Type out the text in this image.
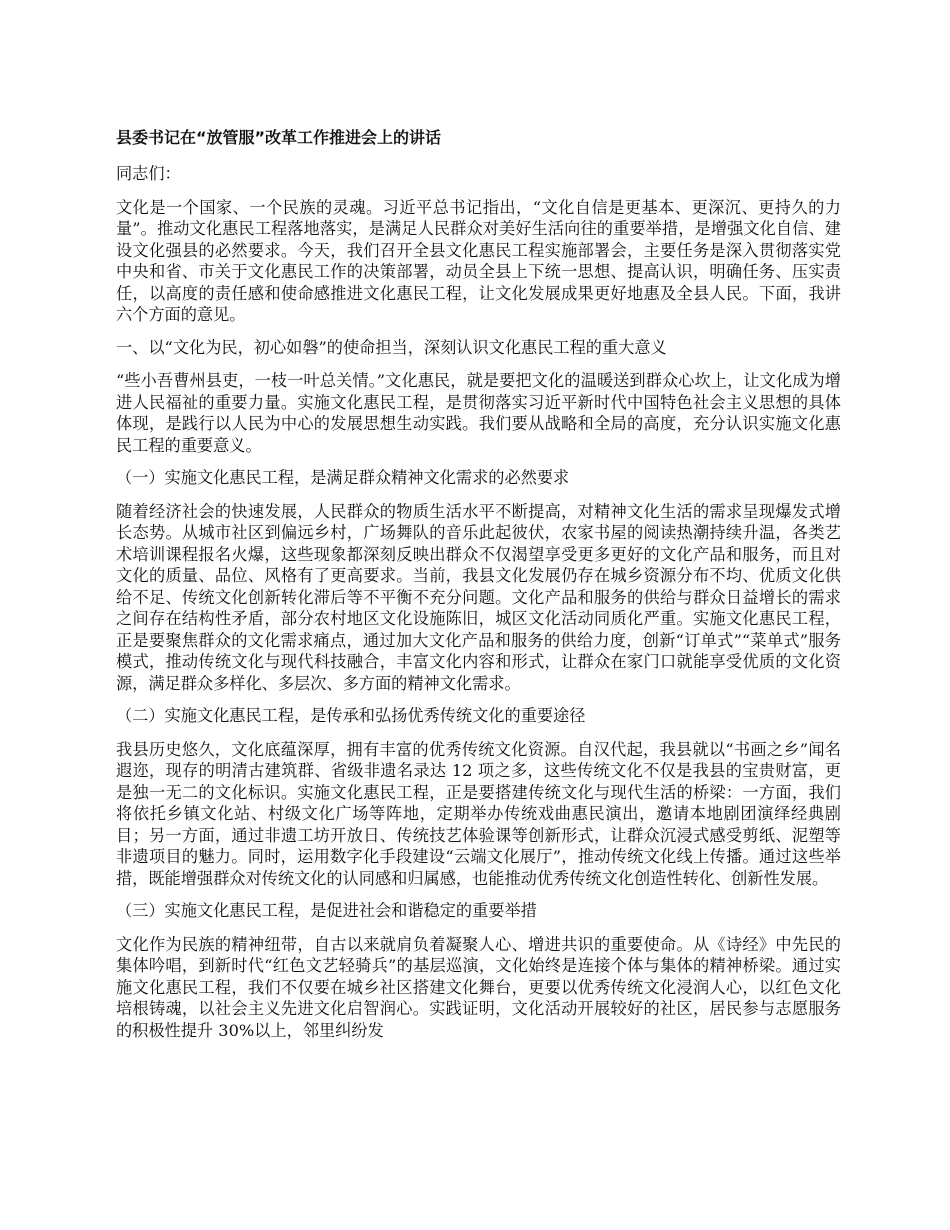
县委书记在“放管服”改革工作推进会上的讲话
同志们：
文化是一个国家、一个民族的灵魂。习近平总书记指出，“文化自信是更基本、更深沉、更持久的力量”。推动文化惠民工程落地落实，是满足人民群众对美好生活向往的重要举措，是增强文化自信、建设文化强县的必然要求。今天，我们召开全县文化惠民工程实施部署会，主要任务是深入贯彻落实党中央和省、市关于文化惠民工作的决策部署，动员全县上下统一思想、提高认识，明确任务、压实责任，以高度的责任感和使命感推进文化惠民工程，让文化发展成果更好地惠及全县人民。下面，我讲六个方面的意见。
一、以“文化为民，初心如磐”的使命担当，深刻认识文化惠民工程的重大意义
“些小吾曹州县吏，一枝一叶总关情。”文化惠民，就是要把文化的温暖送到群众心坎上，让文化成为增进人民福祉的重要力量。实施文化惠民工程，是贯彻落实习近平新时代中国特色社会主义思想的具体体现，是践行以人民为中心的发展思想生动实践。我们要从战略和全局的高度，充分认识实施文化惠民工程的重要意义。
（一）实施文化惠民工程，是满足群众精神文化需求的必然要求
随着经济社会的快速发展，人民群众的物质生活水平不断提高，对精神文化生活的需求呈现爆发式增长态势。从城市社区到偏远乡村，广场舞队的音乐此起彼伏，农家书屋的阅读热潮持续升温，各类艺术培训课程报名火爆，这些现象都深刻反映出群众不仅渴望享受更多更好的文化产品和服务，而且对文化的质量、品位、风格有了更高要求。当前，我县文化发展仍存在城乡资源分布不均、优质文化供给不足、传统文化创新转化滞后等不平衡不充分问题。文化产品和服务的供给与群众日益增长的需求之间存在结构性矛盾，部分农村地区文化设施陈旧，城区文化活动同质化严重。实施文化惠民工程，正是要聚焦群众的文化需求痛点，通过加大文化产品和服务的供给力度，创新“订单式”“菜单式”服务模式，推动传统文化与现代科技融合，丰富文化内容和形式，让群众在家门口就能享受优质的文化资源，满足群众多样化、多层次、多方面的精神文化需求。
（二）实施文化惠民工程，是传承和弘扬优秀传统文化的重要途径
我县历史悠久，文化底蕴深厚，拥有丰富的优秀传统文化资源。自汉代起，我县就以“书画之乡”闻名遐迩，现存的明清古建筑群、省级非遗名录达 12 项之多，这些传统文化不仅是我县的宝贵财富，更是独一无二的文化标识。实施文化惠民工程，正是要搭建传统文化与现代生活的桥梁：一方面，我们将依托乡镇文化站、村级文化广场等阵地，定期举办传统戏曲惠民演出，邀请本地剧团演绎经典剧目；另一方面，通过非遗工坊开放日、传统技艺体验课等创新形式，让群众沉浸式感受剪纸、泥塑等非遗项目的魅力。同时，运用数字化手段建设“云端文化展厅”，推动传统文化线上传播。通过这些举措，既能增强群众对传统文化的认同感和归属感，也能推动优秀传统文化创造性转化、创新性发展。
（三）实施文化惠民工程，是促进社会和谐稳定的重要举措
文化作为民族的精神纽带，自古以来就肩负着凝聚人心、增进共识的重要使命。从《诗经》中先民的集体吟唱，到新时代“红色文艺轻骑兵”的基层巡演，文化始终是连接个体与集体的精神桥梁。通过实施文化惠民工程，我们不仅要在城乡社区搭建文化舞台，更要以优秀传统文化浸润人心，以红色文化培根铸魂，以社会主义先进文化启智润心。实践证明，文化活动开展较好的社区，居民参与志愿服务的积极性提升 30%以上，邻里纠纷发
